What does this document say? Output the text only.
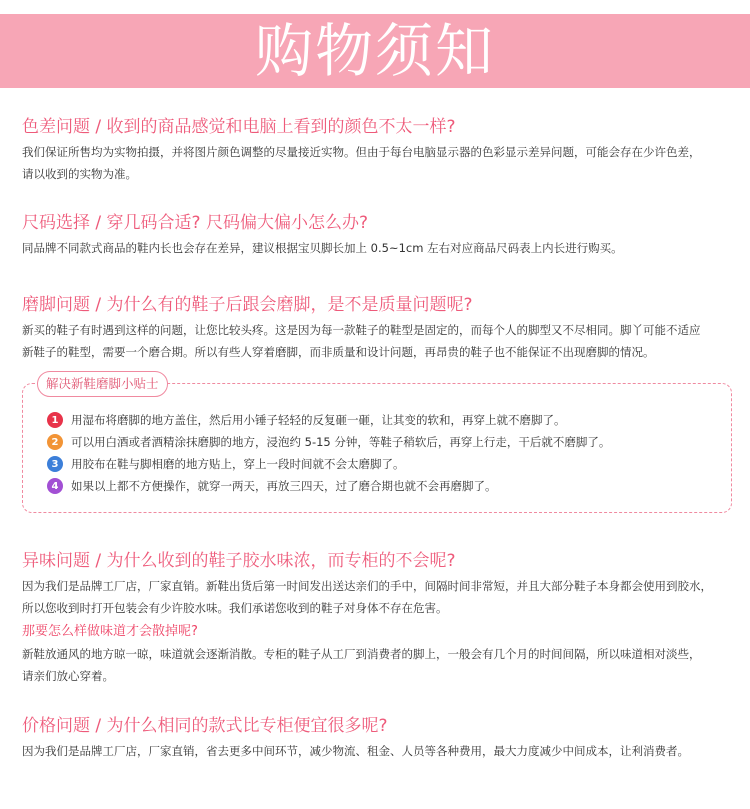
购物须知
色差问题 / 收到的商品感觉和电脑上看到的颜色不太一样?
我们保证所售均为实物拍摄，并将图片颜色调整的尽量接近实物。但由于每台电脑显示器的色彩显示差异问题，可能会存在少许色差，
请以收到的实物为准。
尺码选择 / 穿几码合适? 尺码偏大偏小怎么办?
同品牌不同款式商品的鞋内长也会存在差异，建议根据宝贝脚长加上 0.5~1cm 左右对应商品尺码表上内长进行购买。
磨脚问题 / 为什么有的鞋子后跟会磨脚，是不是质量问题呢?
新买的鞋子有时遇到这样的问题，让您比较头疼。这是因为每一款鞋子的鞋型是固定的，而每个人的脚型又不尽相同。脚丫可能不适应
新鞋子的鞋型，需要一个磨合期。所以有些人穿着磨脚，而非质量和设计问题，再昂贵的鞋子也不能保证不出现磨脚的情况。
解决新鞋磨脚小贴士
1	用湿布将磨脚的地方盖住，然后用小锤子轻轻的反复砸一砸，让其变的软和，再穿上就不磨脚了。
2	可以用白酒或者酒精涂抹磨脚的地方，浸泡约 5-15 分钟，等鞋子稍软后，再穿上行走，干后就不磨脚了。
3	用胶布在鞋与脚相磨的地方贴上，穿上一段时间就不会太磨脚了。
4	如果以上都不方便操作，就穿一两天，再放三四天，过了磨合期也就不会再磨脚了。
异味问题 / 为什么收到的鞋子胶水味浓，而专柜的不会呢?
因为我们是品牌工厂店，厂家直销。新鞋出货后第一时间发出送达亲们的手中，间隔时间非常短，并且大部分鞋子本身都会使用到胶水，
所以您收到时打开包装会有少许胶水味。我们承诺您收到的鞋子对身体不存在危害。
那要怎么样做味道才会散掉呢?
新鞋放通风的地方晾一晾，味道就会逐渐消散。专柜的鞋子从工厂到消费者的脚上，一般会有几个月的时间间隔，所以味道相对淡些，
请亲们放心穿着。
价格问题 / 为什么相同的款式比专柜便宜很多呢?
因为我们是品牌工厂店，厂家直销，省去更多中间环节，减少物流、租金、人员等各种费用，最大力度减少中间成本，让利消费者。
